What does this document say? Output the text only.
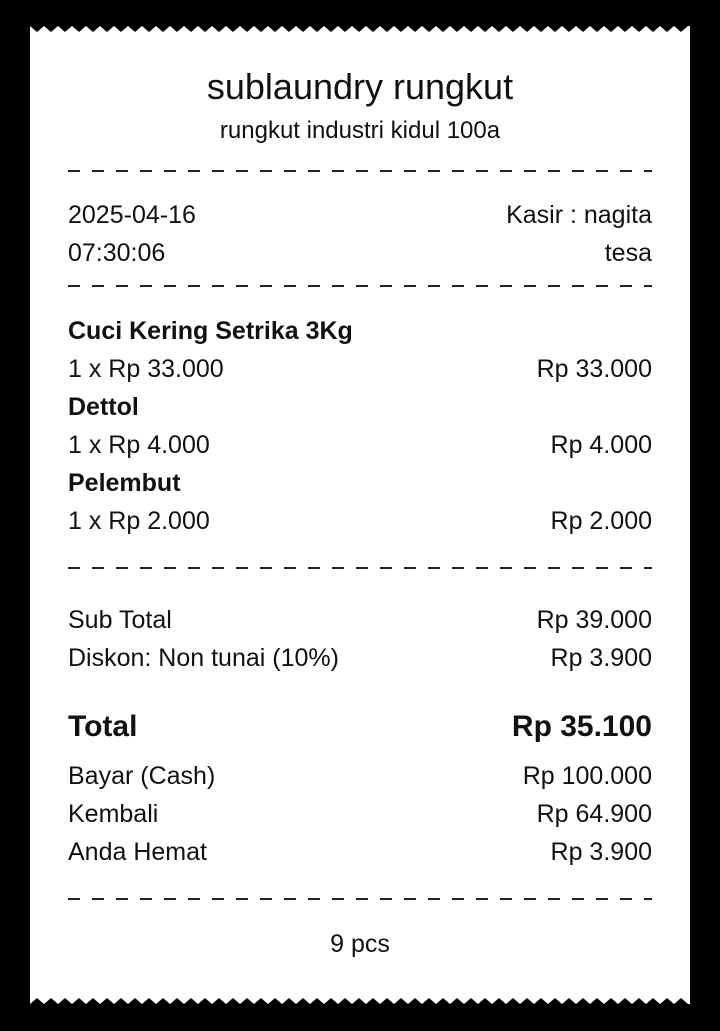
sublaundry rungkut
rungkut industri kidul 100a
2025-04-16	Kasir : nagita
07:30:06	tesa
Cuci Kering Setrika 3Kg
1 x Rp 33.000	Rp 33.000
Dettol
1 x Rp 4.000	Rp 4.000
Pelembut
1 x Rp 2.000	Rp 2.000
Sub Total	Rp 39.000
Diskon: Non tunai (10%)	Rp 3.900
Total	Rp 35.100
Bayar (Cash)	Rp 100.000
Kembali	Rp 64.900
Anda Hemat	Rp 3.900
9 pcs
